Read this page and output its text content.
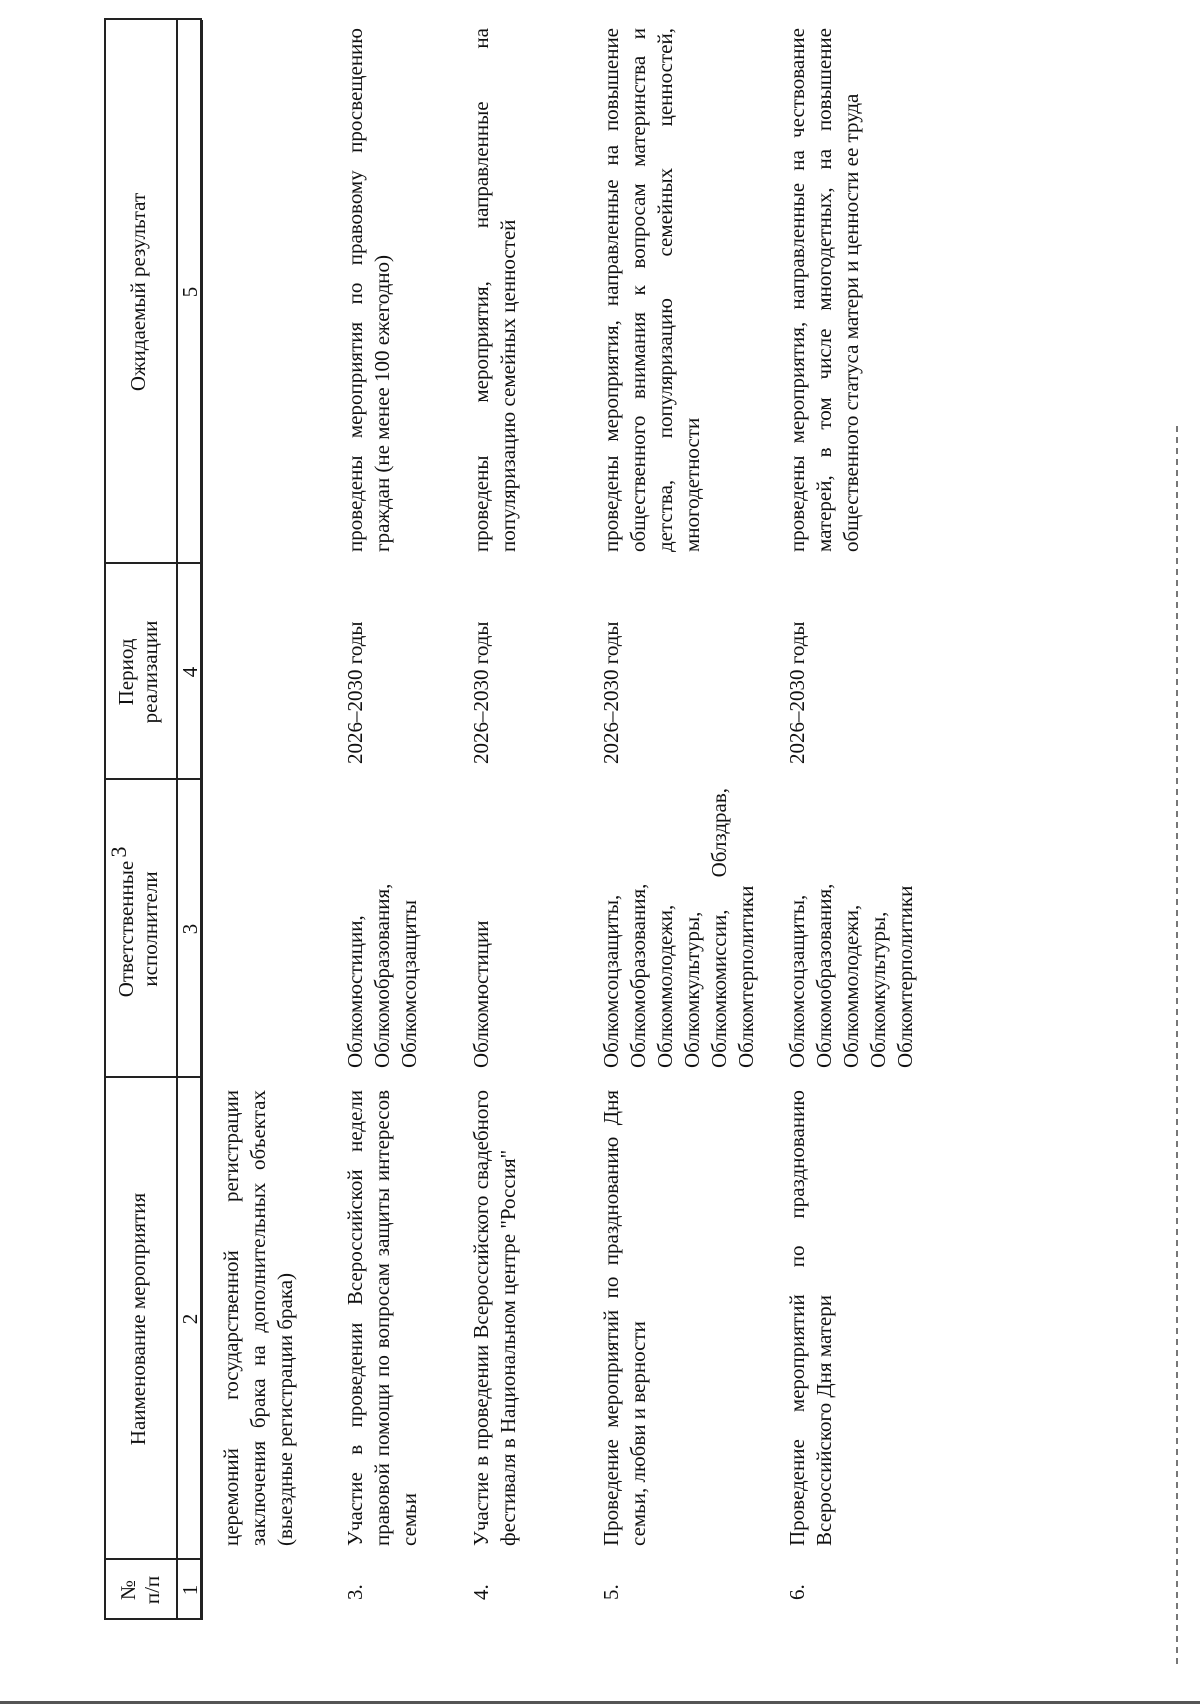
3
№
п/п
Наименование мероприятия
Ответственные
исполнители
Период
реализации
Ожидаемый результат
1
2
3
4
5
церемоний государственной регистрации заключения брака на дополнительных объектах (выездные регистрации брака)
3.
Участие в проведении Всероссийской недели правовой помощи по вопросам защиты интересов семьи
Облкомюстиции, Облкомобразования, Облкомсоцзащиты
2026–2030 годы
проведены мероприятия по правовому просвещению граждан (не менее 100 ежегодно)
4.
Участие в проведении Всероссийского свадебного фестиваля в Национальном центре "Россия"
Облкомюстиции
2026–2030 годы
проведены мероприятия, направленные на популяризацию семейных ценностей
5.
Проведение мероприятий по празднованию Дня семьи, любви и верности
Облкомсоцзащиты, Облкомобразования, Облкоммолодежи, Облкомкультуры, Облкомкомиcсии, Облздрав, Облкомтерполитики
2026–2030 годы
проведены мероприятия, направленные на повышение общественного внимания к вопросам материнства и детства, популяризацию семейных ценностей, многодетности
6.
Проведение мероприятий по празднованию Всероссийского Дня матери
Облкомсоцзащиты, Облкомобразования, Облкоммолодежи, Облкомкультуры, Облкомтерполитики
2026–2030 годы
проведены мероприятия, направленные на чествование матерей, в том числе многодетных, на повышение общественного статуса матери и ценности ее труда
